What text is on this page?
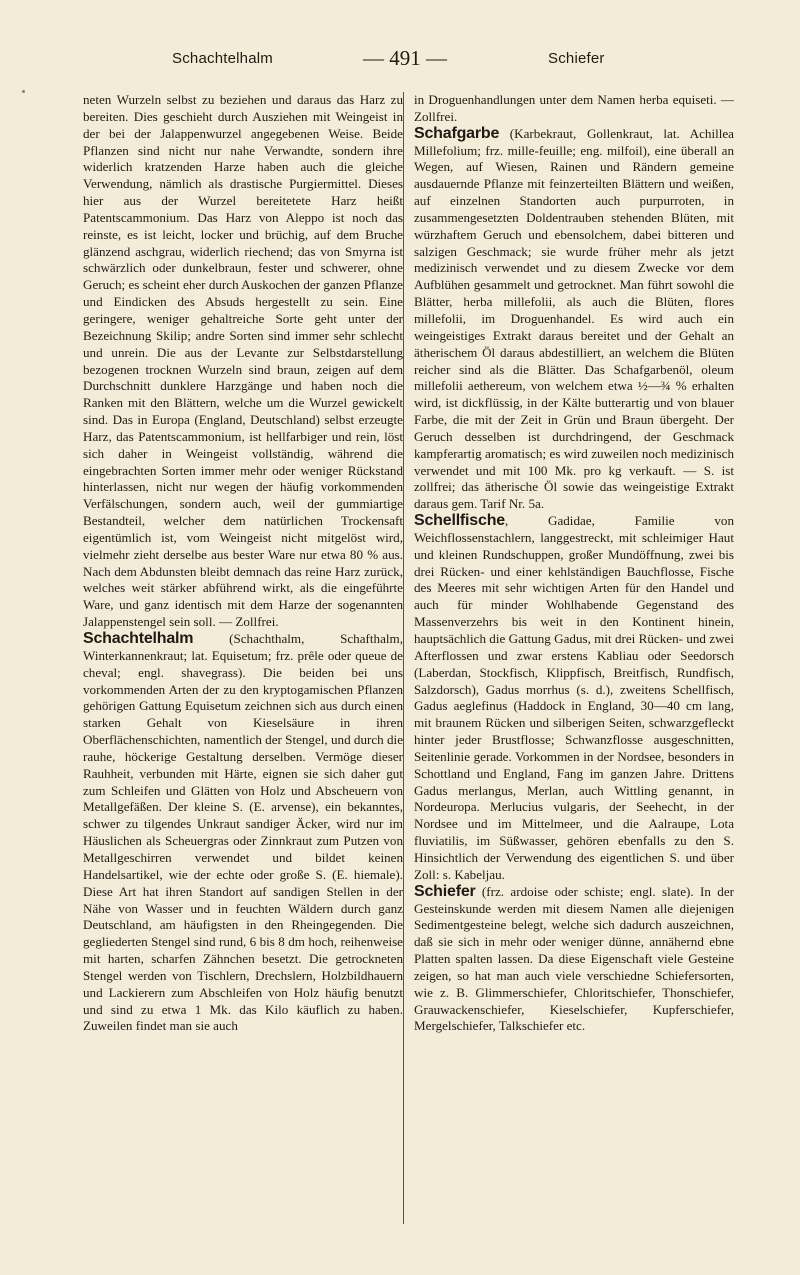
Schachtelhalm	— 491 —	Schiefer

neten Wurzeln selbst zu beziehen und daraus das Harz zu bereiten. Dies geschieht durch Ausziehen mit Weingeist in der bei der Jalappenwurzel angegebenen Weise. Beide Pflanzen sind nicht nur nahe Verwandte, sondern ihre widerlich kratzenden Harze haben auch die gleiche Verwendung, nämlich als drastische Purgiermittel. Dieses hier aus der Wurzel bereitetete Harz heißt Patentscammonium. Das Harz von Aleppo ist noch das reinste, es ist leicht, locker und brüchig, auf dem Bruche glänzend aschgrau, widerlich riechend; das von Smyrna ist schwärzlich oder dunkelbraun, fester und schwerer, ohne Geruch; es scheint eher durch Auskochen der ganzen Pflanze und Eindicken des Absuds hergestellt zu sein. Eine geringere, weniger gehaltreiche Sorte geht unter der Bezeichnung Skilip; andre Sorten sind immer sehr schlecht und unrein. Die aus der Levante zur Selbstdarstellung bezogenen trocknen Wurzeln sind braun, zeigen auf dem Durchschnitt dunklere Harzgänge und haben noch die Ranken mit den Blättern, welche um die Wurzel gewickelt sind. Das in Europa (England, Deutschland) selbst erzeugte Harz, das Patentscammonium, ist hellfarbiger und rein, löst sich daher in Weingeist vollständig, während die eingebrachten Sorten immer mehr oder weniger Rückstand hinterlassen, nicht nur wegen der häufig vorkommenden Verfälschungen, sondern auch, weil der gummiartige Bestandteil, welcher dem natürlichen Trockensaft eigentümlich ist, vom Weingeist nicht mitgelöst wird, vielmehr zieht derselbe aus bester Ware nur etwa 80 % aus. Nach dem Abdunsten bleibt demnach das reine Harz zurück, welches weit stärker abführend wirkt, als die eingeführte Ware, und ganz identisch mit dem Harze der sogenannten Jalappenstengel sein soll. — Zollfrei.

Schachtelhalm (Schachthalm, Schafthalm, Winterkannenkraut; lat. Equisetum; frz. prêle oder queue de cheval; engl. shavegrass). Die beiden bei uns vorkommenden Arten der zu den kryptogamischen Pflanzen gehörigen Gattung Equisetum zeichnen sich aus durch einen starken Gehalt von Kieselsäure in ihren Oberflächenschichten, namentlich der Stengel, und durch die rauhe, höckerige Gestaltung derselben. Vermöge dieser Rauhheit, verbunden mit Härte, eignen sie sich daher gut zum Schleifen und Glätten von Holz und Abscheuern von Metallgefäßen. Der kleine S. (E. arvense), ein bekanntes, schwer zu tilgendes Unkraut sandiger Äcker, wird nur im Häuslichen als Scheuergras oder Zinnkraut zum Putzen von Metallgeschirren verwendet und bildet keinen Handelsartikel, wie der echte oder große S. (E. hiemale). Diese Art hat ihren Standort auf sandigen Stellen in der Nähe von Wasser und in feuchten Wäldern durch ganz Deutschland, am häufigsten in den Rheingegenden. Die gegliederten Stengel sind rund, 6 bis 8 dm hoch, reihenweise mit harten, scharfen Zähnchen besetzt. Die getrockneten Stengel werden von Tischlern, Drechslern, Holzbildhauern und Lackierern zum Abschleifen von Holz häufig benutzt und sind zu etwa 1 Mk. das Kilo käuflich zu haben. Zuweilen findet man sie auch

in Droguenhandlungen unter dem Namen herba equiseti. — Zollfrei.

Schafgarbe (Karbekraut, Gollenkraut, lat. Achillea Millefolium; frz. mille-feuille; eng. milfoil), eine überall an Wegen, auf Wiesen, Rainen und Rändern gemeine ausdauernde Pflanze mit feinzerteilten Blättern und weißen, auf einzelnen Standorten auch purpurroten, in zusammengesetzten Doldentrauben stehenden Blüten, mit würzhaftem Geruch und ebensolchem, dabei bitteren und salzigen Geschmack; sie wurde früher mehr als jetzt medizinisch verwendet und zu diesem Zwecke vor dem Aufblühen gesammelt und getrocknet. Man führt sowohl die Blätter, herba millefolii, als auch die Blüten, flores millefolii, im Droguenhandel. Es wird auch ein weingeistiges Extrakt daraus bereitet und der Gehalt an ätherischem Öl daraus abdestilliert, an welchem die Blüten reicher sind als die Blätter. Das Schafgarbenöl, oleum millefolii aethereum, von welchem etwa ½—¾ % erhalten wird, ist dickflüssig, in der Kälte butterartig und von blauer Farbe, die mit der Zeit in Grün und Braun übergeht. Der Geruch desselben ist durchdringend, der Geschmack kampferartig aromatisch; es wird zuweilen noch medizinisch verwendet und mit 100 Mk. pro kg verkauft. — S. ist zollfrei; das ätherische Öl sowie das weingeistige Extrakt daraus gem. Tarif Nr. 5a.

Schellfische, Gadidae, Familie von Weichflossenstachlern, langgestreckt, mit schleimiger Haut und kleinen Rundschuppen, großer Mundöffnung, zwei bis drei Rücken- und einer kehlständigen Bauchflosse, Fische des Meeres mit sehr wichtigen Arten für den Handel und auch für minder Wohlhabende Gegenstand des Massenverzehrs bis weit in den Kontinent hinein, hauptsächlich die Gattung Gadus, mit drei Rücken- und zwei Afterflossen und zwar erstens Kabliau oder Seedorsch (Laberdan, Stockfisch, Klippfisch, Breitfisch, Rundfisch, Salzdorsch), Gadus morrhus (s. d.), zweitens Schellfisch, Gadus aeglefinus (Haddock in England, 30—40 cm lang, mit braunem Rücken und silberigen Seiten, schwarzgefleckt hinter jeder Brustflosse; Schwanzflosse ausgeschnitten, Seitenlinie gerade. Vorkommen in der Nordsee, besonders in Schottland und England, Fang im ganzen Jahre. Drittens Gadus merlangus, Merlan, auch Wittling genannt, in Nordeuropa. Merlucius vulgaris, der Seehecht, in der Nordsee und im Mittelmeer, und die Aalraupe, Lota fluviatilis, im Süßwasser, gehören ebenfalls zu den S. Hinsichtlich der Verwendung des eigentlichen S. und über Zoll: s. Kabeljau.

Schiefer (frz. ardoise oder schiste; engl. slate). In der Gesteinskunde werden mit diesem Namen alle diejenigen Sedimentgesteine belegt, welche sich dadurch auszeichnen, daß sie sich in mehr oder weniger dünne, annähernd ebne Platten spalten lassen. Da diese Eigenschaft viele Gesteine zeigen, so hat man auch viele verschiedne Schiefersorten, wie z. B. Glimmerschiefer, Chloritschiefer, Thonschiefer, Grauwackenschiefer, Kieselschiefer, Kupferschiefer, Mergelschiefer, Talkschiefer etc.
